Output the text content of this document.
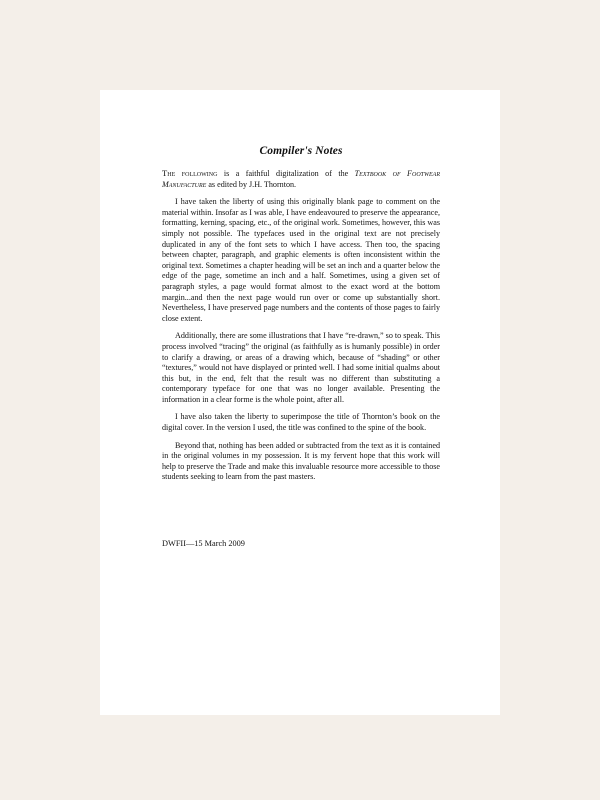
Compiler's Notes

The following is a faithful digitalization of the Textbook of Footwear Manufacture as edited by J.H. Thornton.

I have taken the liberty of using this originally blank page to comment on the material within. Insofar as I was able, I have endeavoured to preserve the appearance, formatting, kerning, spacing, etc., of the original work. Sometimes, however, this was simply not possible. The typefaces used in the original text are not precisely duplicated in any of the font sets to which I have access. Then too, the spacing between chapter, paragraph, and graphic elements is often inconsistent within the original text. Sometimes a chapter heading will be set an inch and a quarter below the edge of the page, sometime an inch and a half. Sometimes, using a given set of paragraph styles, a page would format almost to the exact word at the bottom margin...and then the next page would run over or come up substantially short. Nevertheless, I have preserved page numbers and the contents of those pages to fairly close extent.

Additionally, there are some illustrations that I have “re-drawn,” so to speak. This process involved “tracing” the original (as faithfully as is humanly possible) in order to clarify a drawing, or areas of a drawing which, because of “shading” or other “textures,” would not have displayed or printed well. I had some initial qualms about this but, in the end, felt that the result was no different than substituting a contemporary typeface for one that was no longer available. Presenting the information in a clear forme is the whole point, after all.

I have also taken the liberty to superimpose the title of Thornton’s book on the digital cover. In the version I used, the title was confined to the spine of the book.

Beyond that, nothing has been added or subtracted from the text as it is contained in the original volumes in my possession. It is my fervent hope that this work will help to preserve the Trade and make this invaluable resource more accessible to those students seeking to learn from the past masters.

DWFII—15 March 2009
